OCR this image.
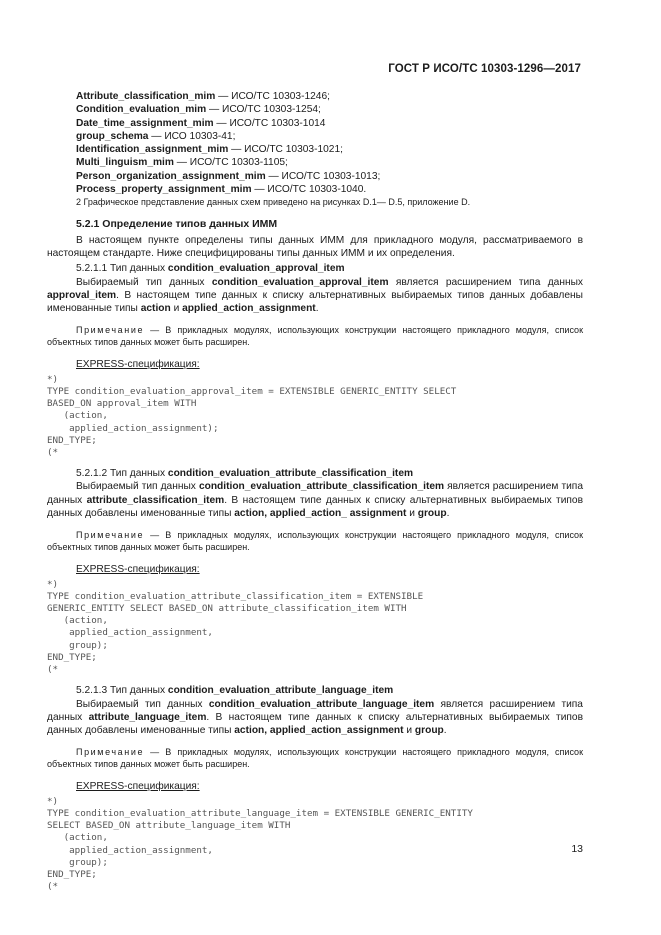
ГОСТ Р ИСО/ТС 10303-1296—2017
Attribute_classification_mim — ИСО/ТС 10303-1246;
Condition_evaluation_mim — ИСО/ТС 10303-1254;
Date_time_assignment_mim — ИСО/ТС 10303-1014
group_schema — ИСО 10303-41;
Identification_assignment_mim — ИСО/ТС 10303-1021;
Multi_linguism_mim — ИСО/ТС 10303-1105;
Person_organization_assignment_mim — ИСО/ТС 10303-1013;
Process_property_assignment_mim — ИСО/ТС 10303-1040.
2 Графическое представление данных схем приведено на рисунках D.1— D.5, приложение D.
5.2.1 Определение типов данных ИММ

В настоящем пункте определены типы данных ИММ для прикладного модуля, рассматриваемого в настоящем стандарте. Ниже специфицированы типы данных ИММ и их определения.

5.2.1.1 Тип данных condition_evaluation_approval_item

Выбираемый тип данных condition_evaluation_approval_item является расширением типа данных approval_item. В настоящем типе данных к списку альтернативных выбираемых типов данных добавлены именованные типы action и applied_action_assignment.

Примечание — В прикладных модулях, использующих конструкции настоящего прикладного модуля, список объектных типов данных может быть расширен.

EXPRESS-спецификация:
*)
TYPE condition_evaluation_approval_item = EXTENSIBLE GENERIC_ENTITY SELECT
BASED_ON approval_item WITH
(action,
applied_action_assignment);
END_TYPE;
(*
5.2.1.2 Тип данных condition_evaluation_attribute_classification_item

Выбираемый тип данных condition_evaluation_attribute_classification_item является расширением типа данных attribute_classification_item. В настоящем типе данных к списку альтернативных выбираемых типов данных добавлены именованные типы action, applied_action_ assignment и group.

Примечание — В прикладных модулях, использующих конструкции настоящего прикладного модуля, список объектных типов данных может быть расширен.

EXPRESS-спецификация:
*)
TYPE condition_evaluation_attribute_classification_item = EXTENSIBLE
GENERIC_ENTITY SELECT BASED_ON attribute_classification_item WITH
(action,
applied_action_assignment,
group);
END_TYPE;
(*
5.2.1.3 Тип данных condition_evaluation_attribute_language_item

Выбираемый тип данных condition_evaluation_attribute_language_item является расширением типа данных attribute_language_item. В настоящем типе данных к списку альтернативных выбираемых типов данных добавлены именованные типы action, applied_action_assignment и group.

Примечание — В прикладных модулях, использующих конструкции настоящего прикладного модуля, список объектных типов данных может быть расширен.

EXPRESS-спецификация:
*)
TYPE condition_evaluation_attribute_language_item = EXTENSIBLE GENERIC_ENTITY
SELECT BASED_ON attribute_language_item WITH
(action,
applied_action_assignment,
group);
END_TYPE;
(*
13
